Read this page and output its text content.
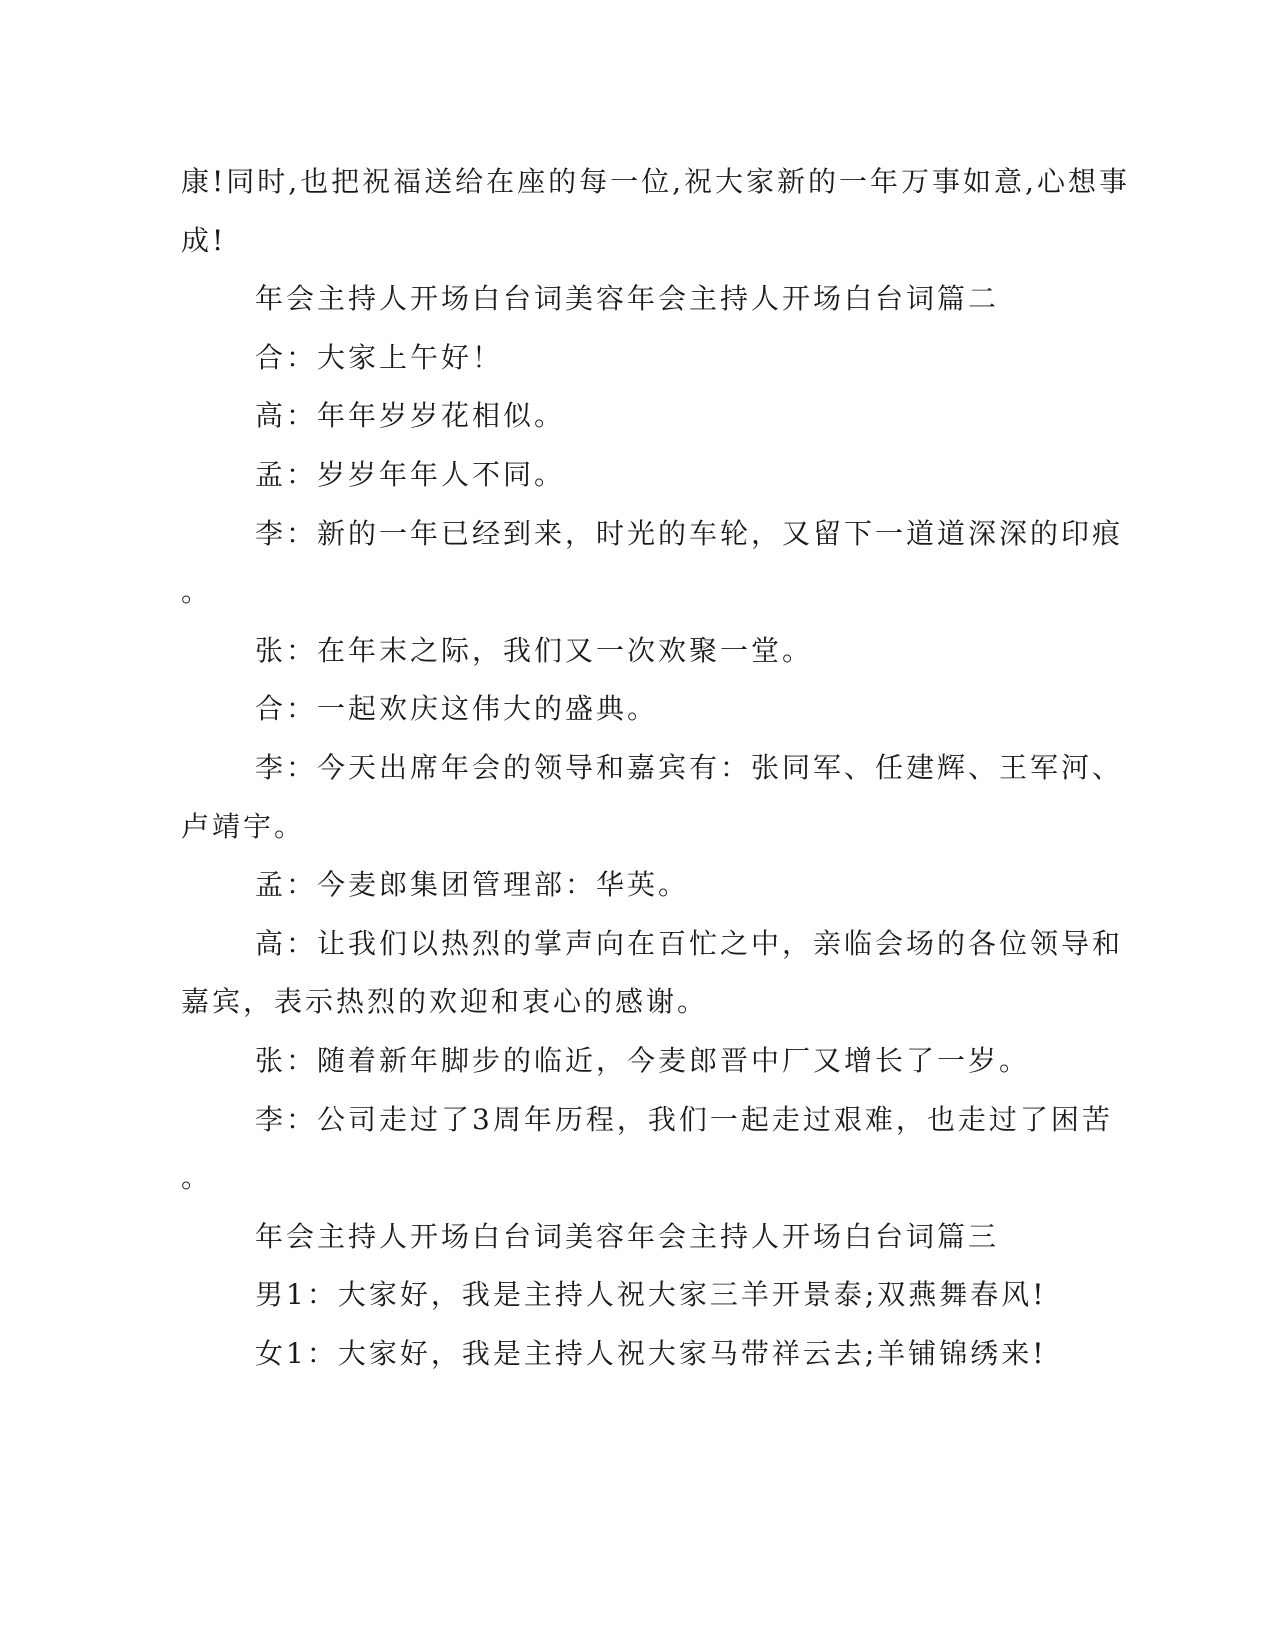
康!同时,也把祝福送给在座的每一位,祝大家新的一年万事如意,心想事
成!
年会主持人开场白台词美容年会主持人开场白台词篇二
合：大家上午好！
高：年年岁岁花相似。
孟：岁岁年年人不同。
李：新的一年已经到来，时光的车轮，又留下一道道深深的印痕
。
张：在年末之际，我们又一次欢聚一堂。
合：一起欢庆这伟大的盛典。
李：今天出席年会的领导和嘉宾有：张同军、任建辉、王军河、
卢靖宇。
孟：今麦郎集团管理部：华英。
高：让我们以热烈的掌声向在百忙之中，亲临会场的各位领导和
嘉宾，表示热烈的欢迎和衷心的感谢。
张：随着新年脚步的临近，今麦郎晋中厂又增长了一岁。
李：公司走过了3周年历程，我们一起走过艰难，也走过了困苦
。
年会主持人开场白台词美容年会主持人开场白台词篇三
男1：大家好，我是主持人祝大家三羊开景泰;双燕舞春风!
女1：大家好，我是主持人祝大家马带祥云去;羊铺锦绣来!
